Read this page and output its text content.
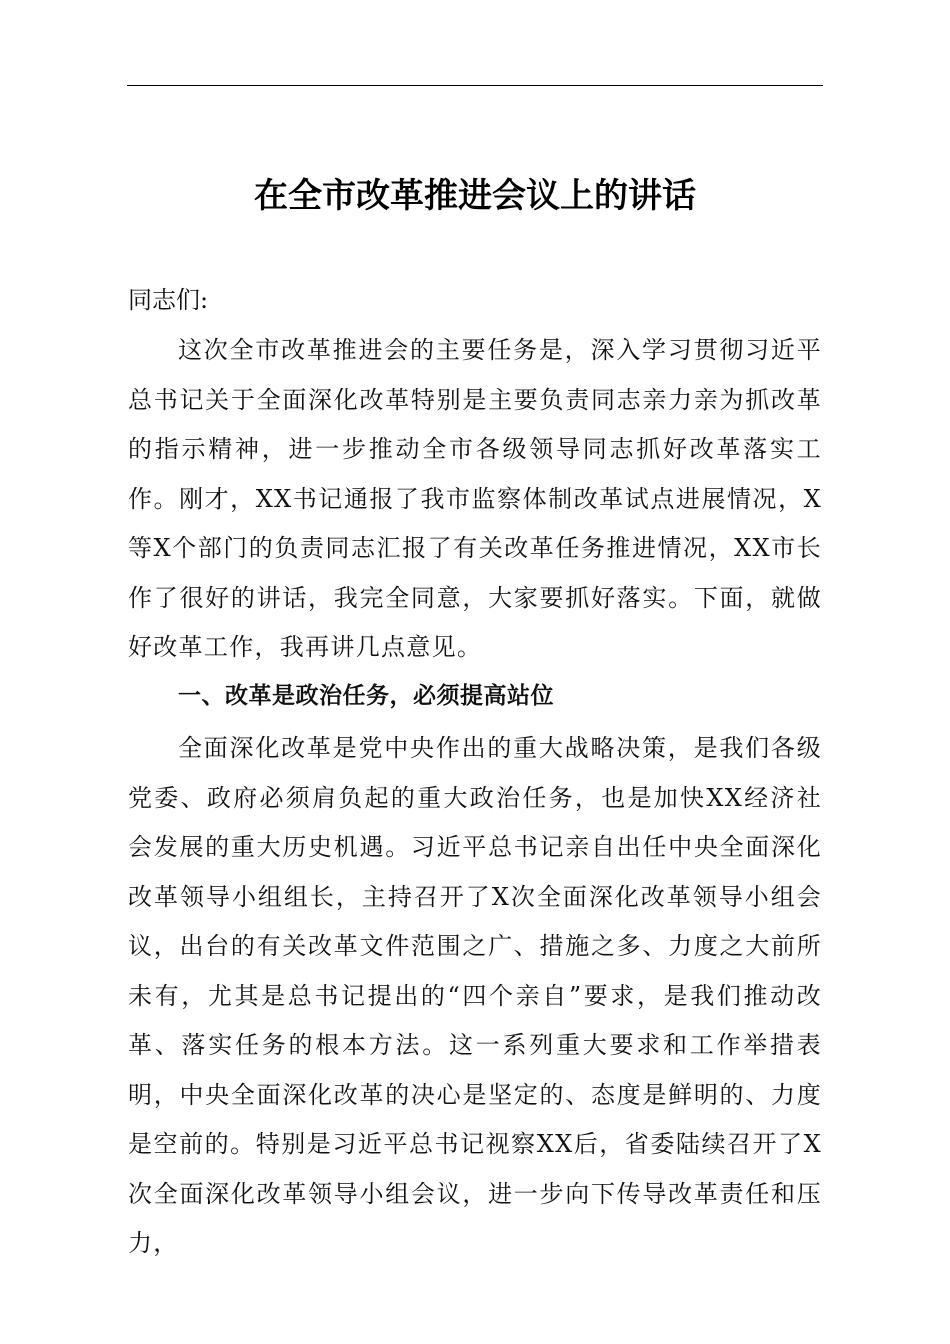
在全市改革推进会议上的讲话
同志们:

这次全市改革推进会的主要任务是，深入学习贯彻习近平总书记关于全面深化改革特别是主要负责同志亲力亲为抓改革的指示精神，进一步推动全市各级领导同志抓好改革落实工作。刚才，XX书记通报了我市监察体制改革试点进展情况，X等X个部门的负责同志汇报了有关改革任务推进情况，XX市长作了很好的讲话，我完全同意，大家要抓好落实。下面，就做好改革工作，我再讲几点意见。

一、改革是政治任务，必须提高站位

全面深化改革是党中央作出的重大战略决策，是我们各级党委、政府必须肩负起的重大政治任务，也是加快XX经济社会发展的重大历史机遇。习近平总书记亲自出任中央全面深化改革领导小组组长，主持召开了X次全面深化改革领导小组会议，出台的有关改革文件范围之广、措施之多、力度之大前所未有，尤其是总书记提出的“四个亲自”要求，是我们推动改革、落实任务的根本方法。这一系列重大要求和工作举措表明，中央全面深化改革的决心是坚定的、态度是鲜明的、力度是空前的。特别是习近平总书记视察XX后，省委陆续召开了X次全面深化改革领导小组会议，进一步向下传导改革责任和压力，
